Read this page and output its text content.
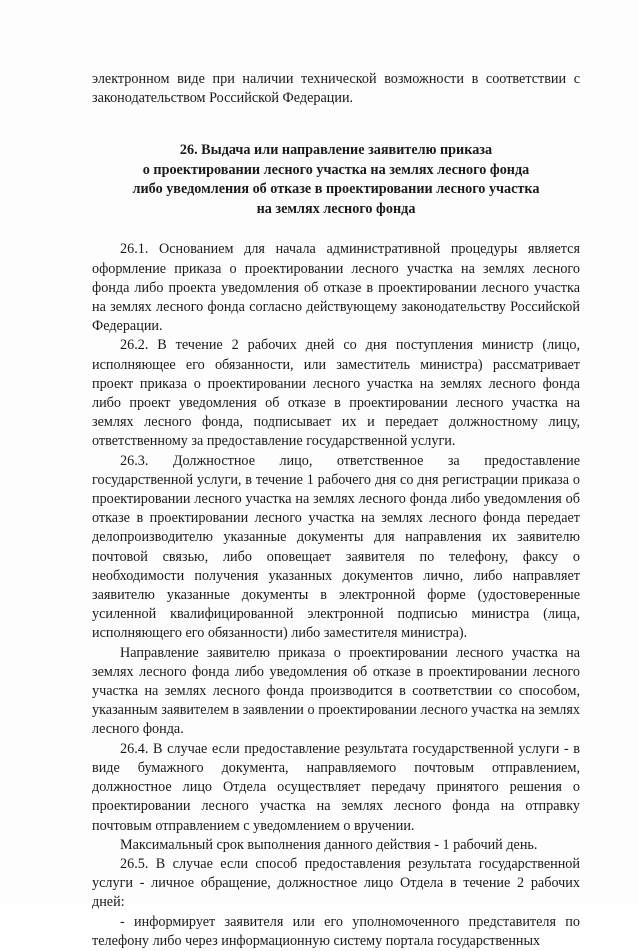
электронном виде при наличии технической возможности в соответствии с законодательством Российской Федерации.

26. Выдача или направление заявителю приказа
о проектировании лесного участка на землях лесного фонда
либо уведомления об отказе в проектировании лесного участка
на землях лесного фонда

26.1. Основанием для начала административной процедуры является оформление приказа о проектировании лесного участка на землях лесного фонда либо проекта уведомления об отказе в проектировании лесного участка на землях лесного фонда согласно действующему законодательству Российской Федерации.

26.2. В течение 2 рабочих дней со дня поступления министр (лицо, исполняющее его обязанности, или заместитель министра) рассматривает проект приказа о проектировании лесного участка на землях лесного фонда либо проект уведомления об отказе в проектировании лесного участка на землях лесного фонда, подписывает их и передает должностному лицу, ответственному за предоставление государственной услуги.

26.3. Должностное лицо, ответственное за предоставление государственной услуги, в течение 1 рабочего дня со дня регистрации приказа о проектировании лесного участка на землях лесного фонда либо уведомления об отказе в проектировании лесного участка на землях лесного фонда передает делопроизводителю указанные документы для направления их заявителю почтовой связью, либо оповещает заявителя по телефону, факсу о необходимости получения указанных документов лично, либо направляет заявителю указанные документы в электронной форме (удостоверенные усиленной квалифицированной электронной подписью министра (лица, исполняющего его обязанности) либо заместителя министра).

Направление заявителю приказа о проектировании лесного участка на землях лесного фонда либо уведомления об отказе в проектировании лесного участка на землях лесного фонда производится в соответствии со способом, указанным заявителем в заявлении о проектировании лесного участка на землях лесного фонда.

26.4. В случае если предоставление результата государственной услуги - в виде бумажного документа, направляемого почтовым отправлением, должностное лицо Отдела осуществляет передачу принятого решения о проектировании лесного участка на землях лесного фонда на отправку почтовым отправлением с уведомлением о вручении.

Максимальный срок выполнения данного действия - 1 рабочий день.

26.5. В случае если способ предоставления результата государственной услуги - личное обращение, должностное лицо Отдела в течение 2 рабочих дней:

- информирует заявителя или его уполномоченного представителя по телефону либо через информационную систему портала государственных
